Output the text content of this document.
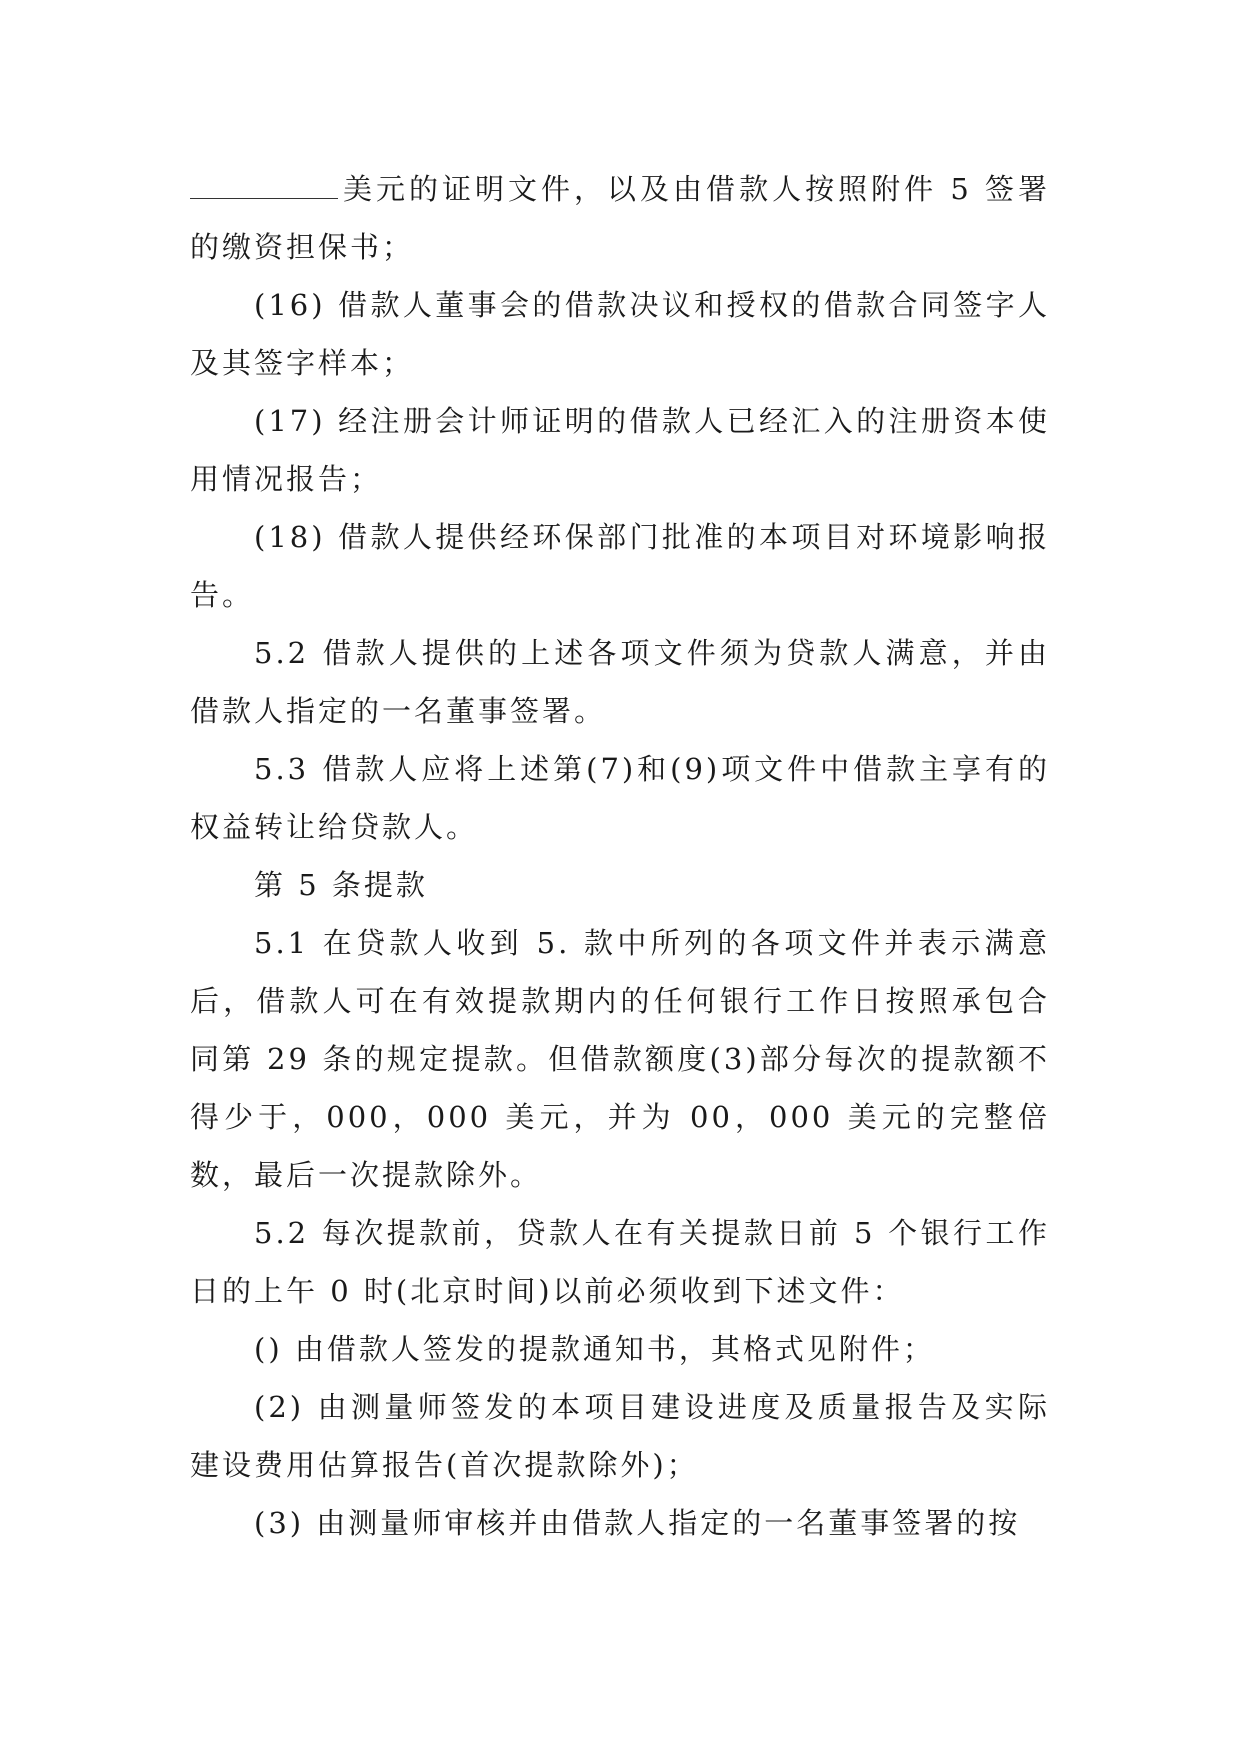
美元的证明文件，以及由借款人按照附件 5 签署的缴资担保书；

(16) 借款人董事会的借款决议和授权的借款合同签字人及其签字样本；

(17) 经注册会计师证明的借款人已经汇入的注册资本使用情况报告；

(18) 借款人提供经环保部门批准的本项目对环境影响报告。

5.2 借款人提供的上述各项文件须为贷款人满意，并由借款人指定的一名董事签署。

5.3 借款人应将上述第(7)和(9)项文件中借款主享有的权益转让给贷款人。

第 5 条提款

5.1 在贷款人收到 5. 款中所列的各项文件并表示满意后，借款人可在有效提款期内的任何银行工作日按照承包合同第 29 条的规定提款。但借款额度(3)部分每次的提款额不得少于，000，000 美元，并为 00，000 美元的完整倍数，最后一次提款除外。

5.2 每次提款前，贷款人在有关提款日前 5 个银行工作日的上午 0 时(北京时间)以前必须收到下述文件：

() 由借款人签发的提款通知书，其格式见附件；

(2) 由测量师签发的本项目建设进度及质量报告及实际建设费用估算报告(首次提款除外)；

(3) 由测量师审核并由借款人指定的一名董事签署的按
